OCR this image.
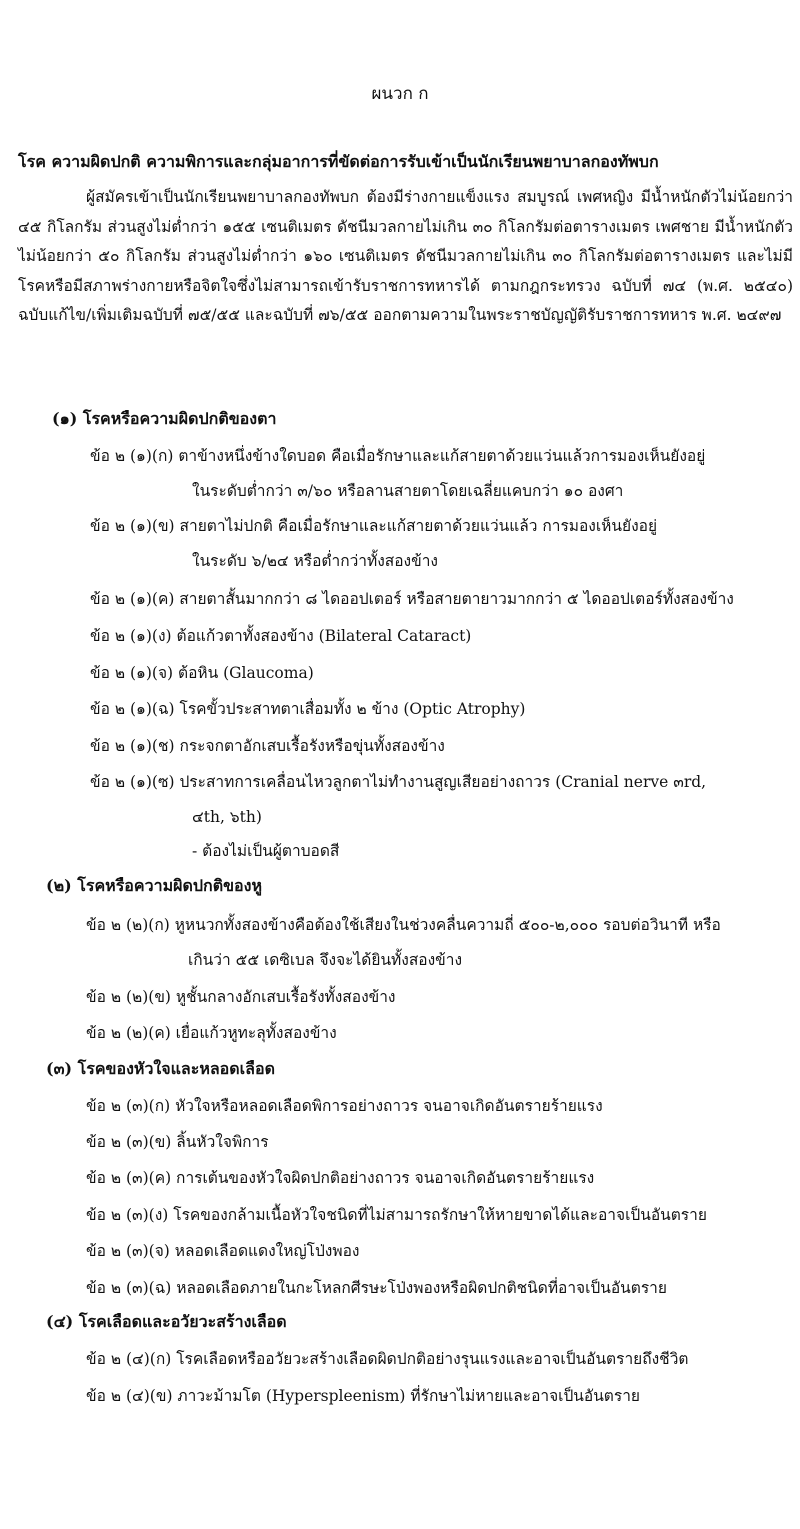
ผนวก ก
โรค ความผิดปกติ ความพิการและกลุ่มอาการที่ขัดต่อการรับเข้าเป็นนักเรียนพยาบาลกองทัพบก
ผู้สมัครเข้าเป็นนักเรียนพยาบาลกองทัพบก ต้องมีร่างกายแข็งแรง สมบูรณ์ เพศหญิง มีน้ำหนักตัวไม่น้อยกว่า ๔๕ กิโลกรัม ส่วนสูงไม่ต่ำกว่า ๑๕๕ เซนติเมตร ดัชนีมวลกายไม่เกิน ๓๐ กิโลกรัมต่อตารางเมตร เพศชาย มีน้ำหนักตัว ไม่น้อยกว่า ๕๐ กิโลกรัม ส่วนสูงไม่ต่ำกว่า ๑๖๐ เซนติเมตร ดัชนีมวลกายไม่เกิน ๓๐ กิโลกรัมต่อตารางเมตร และไม่มีโรคหรือมีสภาพร่างกายหรือจิตใจซึ่งไม่สามารถเข้ารับราชการทหารได้ ตามกฎกระทรวง ฉบับที่ ๗๔ (พ.ศ. ๒๕๔๐) ฉบับแก้ไข/เพิ่มเติมฉบับที่ ๗๕/๕๕ และฉบับที่ ๗๖/๕๕ ออกตามความในพระราชบัญญัติรับราชการทหาร พ.ศ. ๒๔๙๗
(๑) โรคหรือความผิดปกติของตา
ข้อ ๒ (๑)(ก) ตาข้างหนึ่งข้างใดบอด คือเมื่อรักษาและแก้สายตาด้วยแว่นแล้วการมองเห็นยังอยู่
ในระดับต่ำกว่า ๓/๖๐ หรือลานสายตาโดยเฉลี่ยแคบกว่า ๑๐ องศา
ข้อ ๒ (๑)(ข) สายตาไม่ปกติ คือเมื่อรักษาและแก้สายตาด้วยแว่นแล้ว การมองเห็นยังอยู่
ในระดับ ๖/๒๔ หรือต่ำกว่าทั้งสองข้าง
ข้อ ๒ (๑)(ค) สายตาสั้นมากกว่า ๘ ไดออปเตอร์ หรือสายตายาวมากกว่า ๕ ไดออปเตอร์ทั้งสองข้าง
ข้อ ๒ (๑)(ง) ต้อแก้วตาทั้งสองข้าง (Bilateral Cataract)
ข้อ ๒ (๑)(จ) ต้อหิน (Glaucoma)
ข้อ ๒ (๑)(ฉ) โรคขั้วประสาทตาเสื่อมทั้ง ๒ ข้าง (Optic Atrophy)
ข้อ ๒ (๑)(ช) กระจกตาอักเสบเรื้อรังหรือขุ่นทั้งสองข้าง
ข้อ ๒ (๑)(ซ) ประสาทการเคลื่อนไหวลูกตาไม่ทำงานสูญเสียอย่างถาวร (Cranial nerve ๓rd,
๔th, ๖th)
- ต้องไม่เป็นผู้ตาบอดสี
(๒) โรคหรือความผิดปกติของหู
ข้อ ๒ (๒)(ก) หูหนวกทั้งสองข้างคือต้องใช้เสียงในช่วงคลื่นความถี่ ๕๐๐-๒,๐๐๐ รอบต่อวินาที หรือ
เกินว่า ๕๕ เดซิเบล จึงจะได้ยินทั้งสองข้าง
ข้อ ๒ (๒)(ข) หูชั้นกลางอักเสบเรื้อรังทั้งสองข้าง
ข้อ ๒ (๒)(ค) เยื่อแก้วหูทะลุทั้งสองข้าง
(๓) โรคของหัวใจและหลอดเลือด
ข้อ ๒ (๓)(ก) หัวใจหรือหลอดเลือดพิการอย่างถาวร จนอาจเกิดอันตรายร้ายแรง
ข้อ ๒ (๓)(ข) ลิ้นหัวใจพิการ
ข้อ ๒ (๓)(ค) การเต้นของหัวใจผิดปกติอย่างถาวร จนอาจเกิดอันตรายร้ายแรง
ข้อ ๒ (๓)(ง) โรคของกล้ามเนื้อหัวใจชนิดที่ไม่สามารถรักษาให้หายขาดได้และอาจเป็นอันตราย
ข้อ ๒ (๓)(จ) หลอดเลือดแดงใหญ่โป่งพอง
ข้อ ๒ (๓)(ฉ) หลอดเลือดภายในกะโหลกศีรษะโป่งพองหรือผิดปกติชนิดที่อาจเป็นอันตราย
(๔) โรคเลือดและอวัยวะสร้างเลือด
ข้อ ๒ (๔)(ก) โรคเลือดหรืออวัยวะสร้างเลือดผิดปกติอย่างรุนแรงและอาจเป็นอันตรายถึงชีวิต
ข้อ ๒ (๔)(ข) ภาวะม้ามโต (Hyperspleenism) ที่รักษาไม่หายและอาจเป็นอันตราย
